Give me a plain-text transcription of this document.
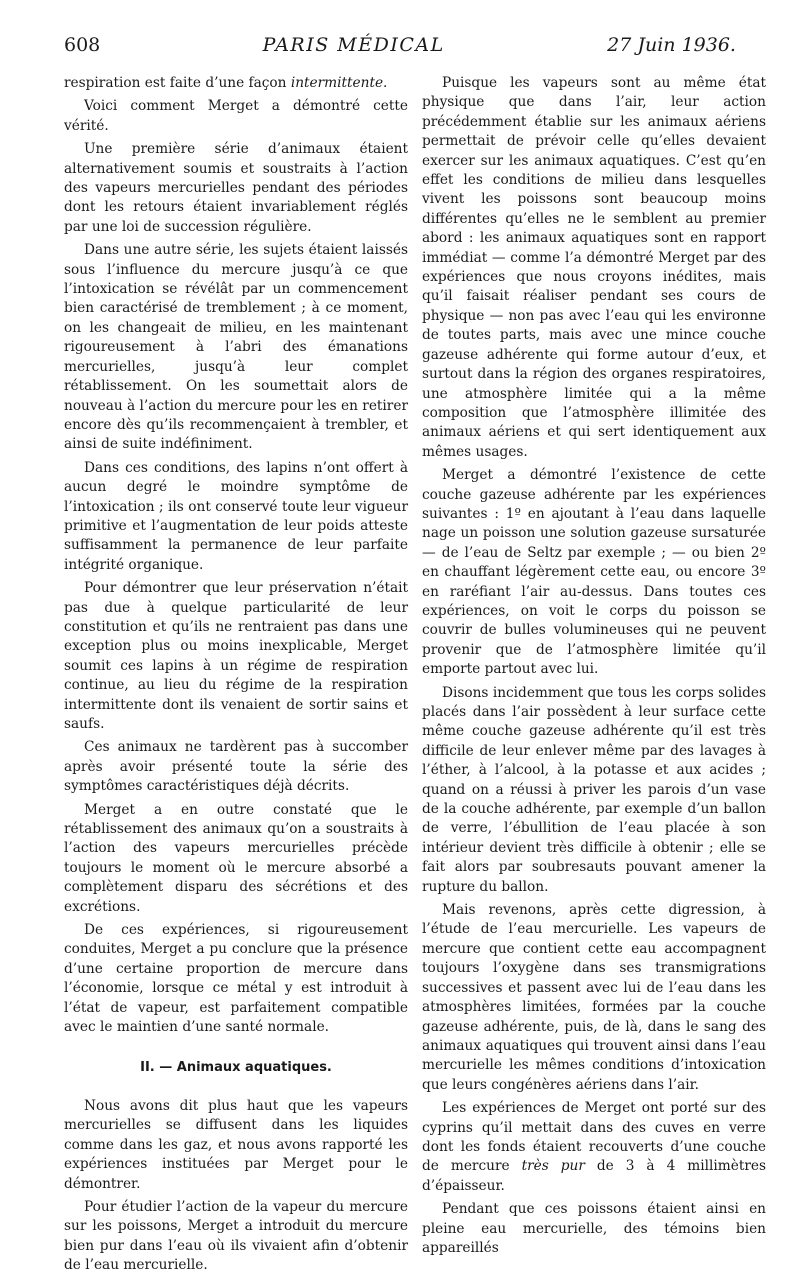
608	PARIS MÉDICAL	27 Juin 1936.

respiration est faite d’une façon intermittente.

Voici comment Merget a démontré cette vérité.

Une première série d’animaux étaient alternativement soumis et soustraits à l’action des vapeurs mercurielles pendant des périodes dont les retours étaient invariablement réglés par une loi de succession régulière.

Dans une autre série, les sujets étaient laissés sous l’influence du mercure jusqu’à ce que l’intoxication se révélât par un commencement bien caractérisé de tremblement ; à ce moment, on les changeait de milieu, en les maintenant rigoureusement à l’abri des émanations mercurielles, jusqu’à leur complet rétablissement. On les soumettait alors de nouveau à l’action du mercure pour les en retirer encore dès qu’ils recommençaient à trembler, et ainsi de suite indéfiniment.

Dans ces conditions, des lapins n’ont offert à aucun degré le moindre symptôme de l’intoxication ; ils ont conservé toute leur vigueur primitive et l’augmentation de leur poids atteste suffisamment la permanence de leur parfaite intégrité organique.

Pour démontrer que leur préservation n’était pas due à quelque particularité de leur constitution et qu’ils ne rentraient pas dans une exception plus ou moins inexplicable, Merget soumit ces lapins à un régime de respiration continue, au lieu du régime de la respiration intermittente dont ils venaient de sortir sains et saufs.

Ces animaux ne tardèrent pas à succomber après avoir présenté toute la série des symptômes caractéristiques déjà décrits.

Merget a en outre constaté que le rétablissement des animaux qu’on a soustraits à l’action des vapeurs mercurielles précède toujours le moment où le mercure absorbé a complètement disparu des sécrétions et des excrétions.

De ces expériences, si rigoureusement conduites, Merget a pu conclure que la présence d’une certaine proportion de mercure dans l’économie, lorsque ce métal y est introduit à l’état de vapeur, est parfaitement compatible avec le maintien d’une santé normale.

II. — Animaux aquatiques.

Nous avons dit plus haut que les vapeurs mercurielles se diffusent dans les liquides comme dans les gaz, et nous avons rapporté les expériences instituées par Merget pour le démontrer.

Pour étudier l’action de la vapeur du mercure sur les poissons, Merget a introduit du mercure bien pur dans l’eau où ils vivaient afin d’obtenir de l’eau mercurielle.

Puisque les vapeurs sont au même état physique que dans l’air, leur action précédemment établie sur les animaux aériens permettait de prévoir celle qu’elles devaient exercer sur les animaux aquatiques. C’est qu’en effet les conditions de milieu dans lesquelles vivent les poissons sont beaucoup moins différentes qu’elles ne le semblent au premier abord : les animaux aquatiques sont en rapport immédiat — comme l’a démontré Merget par des expériences que nous croyons inédites, mais qu’il faisait réaliser pendant ses cours de physique — non pas avec l’eau qui les environne de toutes parts, mais avec une mince couche gazeuse adhérente qui forme autour d’eux, et surtout dans la région des organes respiratoires, une atmosphère limitée qui a la même composition que l’atmosphère illimitée des animaux aériens et qui sert identiquement aux mêmes usages.

Merget a démontré l’existence de cette couche gazeuse adhérente par les expériences suivantes : 1º en ajoutant à l’eau dans laquelle nage un poisson une solution gazeuse sursaturée — de l’eau de Seltz par exemple ; — ou bien 2º en chauffant légèrement cette eau, ou encore 3º en raréfiant l’air au-dessus. Dans toutes ces expériences, on voit le corps du poisson se couvrir de bulles volumineuses qui ne peuvent provenir que de l’atmosphère limitée qu’il emporte partout avec lui.

Disons incidemment que tous les corps solides placés dans l’air possèdent à leur surface cette même couche gazeuse adhérente qu’il est très difficile de leur enlever même par des lavages à l’éther, à l’alcool, à la potasse et aux acides ; quand on a réussi à priver les parois d’un vase de la couche adhérente, par exemple d’un ballon de verre, l’ébullition de l’eau placée à son intérieur devient très difficile à obtenir ; elle se fait alors par soubresauts pouvant amener la rupture du ballon.

Mais revenons, après cette digression, à l’étude de l’eau mercurielle. Les vapeurs de mercure que contient cette eau accompagnent toujours l’oxygène dans ses transmigrations successives et passent avec lui de l’eau dans les atmosphères limitées, formées par la couche gazeuse adhérente, puis, de là, dans le sang des animaux aquatiques qui trouvent ainsi dans l’eau mercurielle les mêmes conditions d’intoxication que leurs congénères aériens dans l’air.

Les expériences de Merget ont porté sur des cyprins qu’il mettait dans des cuves en verre dont les fonds étaient recouverts d’une couche de mercure très pur de 3 à 4 millimètres d’épaisseur.

Pendant que ces poissons étaient ainsi en pleine eau mercurielle, des témoins bien appareillés
